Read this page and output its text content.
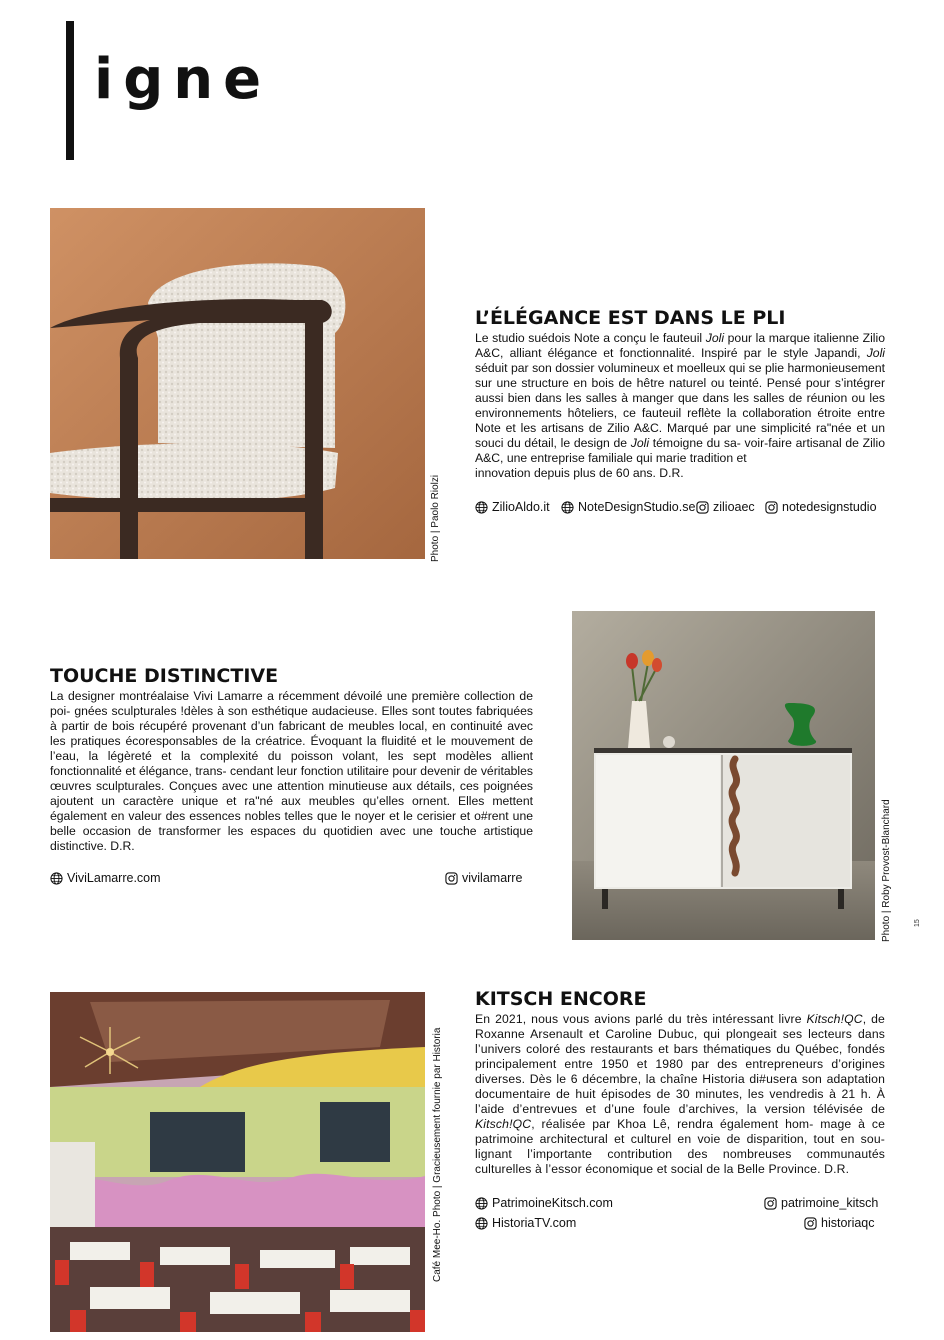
igne
Photo | Paolo Riolzi
L’ÉLÉGANCE EST DANS LE PLI

Le studio suédois Note a conçu le fauteuil Joli pour la marque italienne Zilio A&C, alliant élégance et fonctionnalité. Inspiré par le style Japandi, Joli séduit par son dossier volumineux et moelleux qui se plie harmonieusement sur une structure en bois de hêtre naturel ou teinté. Pensé pour s’intégrer aussi bien dans les salles à manger que dans les salles de réunion ou les environnements hôteliers, ce fauteuil reflète la collaboration étroite entre Note et les artisans de Zilio A&C. Marqué par une simplicité ra"née et un souci du détail, le design de Joli témoigne du sa- voir-faire artisanal de Zilio A&C, une entreprise familiale qui marie tradition et

innovation depuis plus de 60 ans. D.R.

ZilioAldo.it NoteDesignStudio.se zilioaec notedesignstudio
TOUCHE DISTINCTIVE

La designer montréalaise Vivi Lamarre a récemment dévoilé une première collection de poi- gnées sculpturales !dèles à son esthétique audacieuse. Elles sont toutes fabriquées à partir de bois récupéré provenant d’un fabricant de meubles local, en continuité avec les pratiques écoresponsables de la créatrice. Évoquant la fluidité et le mouvement de l’eau, la légèreté et la complexité du poisson volant, les sept modèles allient fonctionnalité et élégance, trans- cendant leur fonction utilitaire pour devenir de véritables œuvres sculpturales. Conçues avec une attention minutieuse aux détails, ces poignées ajoutent un caractère unique et ra"né aux meubles qu’elles ornent. Elles mettent également en valeur des essences nobles telles que le noyer et le cerisier et o#rent une belle occasion de transformer les espaces du quotidien avec une touche artistique distinctive. D.R.

ViviLamarre.com	vivilamarre	Photo | Roby Provost-Blanchard	15
Café Mee-Ho. Photo | Gracieusement fournie par Historia
KITSCH ENCORE

En 2021, nous vous avions parlé du très intéressant livre Kitsch!QC, de Roxanne Arsenault et Caroline Dubuc, qui plongeait ses lecteurs dans l’univers coloré des restaurants et bars thématiques du Québec, fondés principalement entre 1950 et 1980 par des entrepreneurs d’origines diverses. Dès le 6 décembre, la chaîne Historia di#usera son adaptation documentaire de huit épisodes de 30 minutes, les vendredis à 21 h. À l’aide d’entrevues et d’une foule d’archives, la version télévisée de Kitsch!QC, réalisée par Khoa Lê, rendra également hom- mage à ce patrimoine architectural et culturel en voie de disparition, tout en sou- lignant l’importante contribution des nombreuses communautés culturelles à l’essor économique et social de la Belle Province. D.R.

PatrimoineKitsch.com	patrimoine_kitsch
HistoriaTV.com	historiaqc
